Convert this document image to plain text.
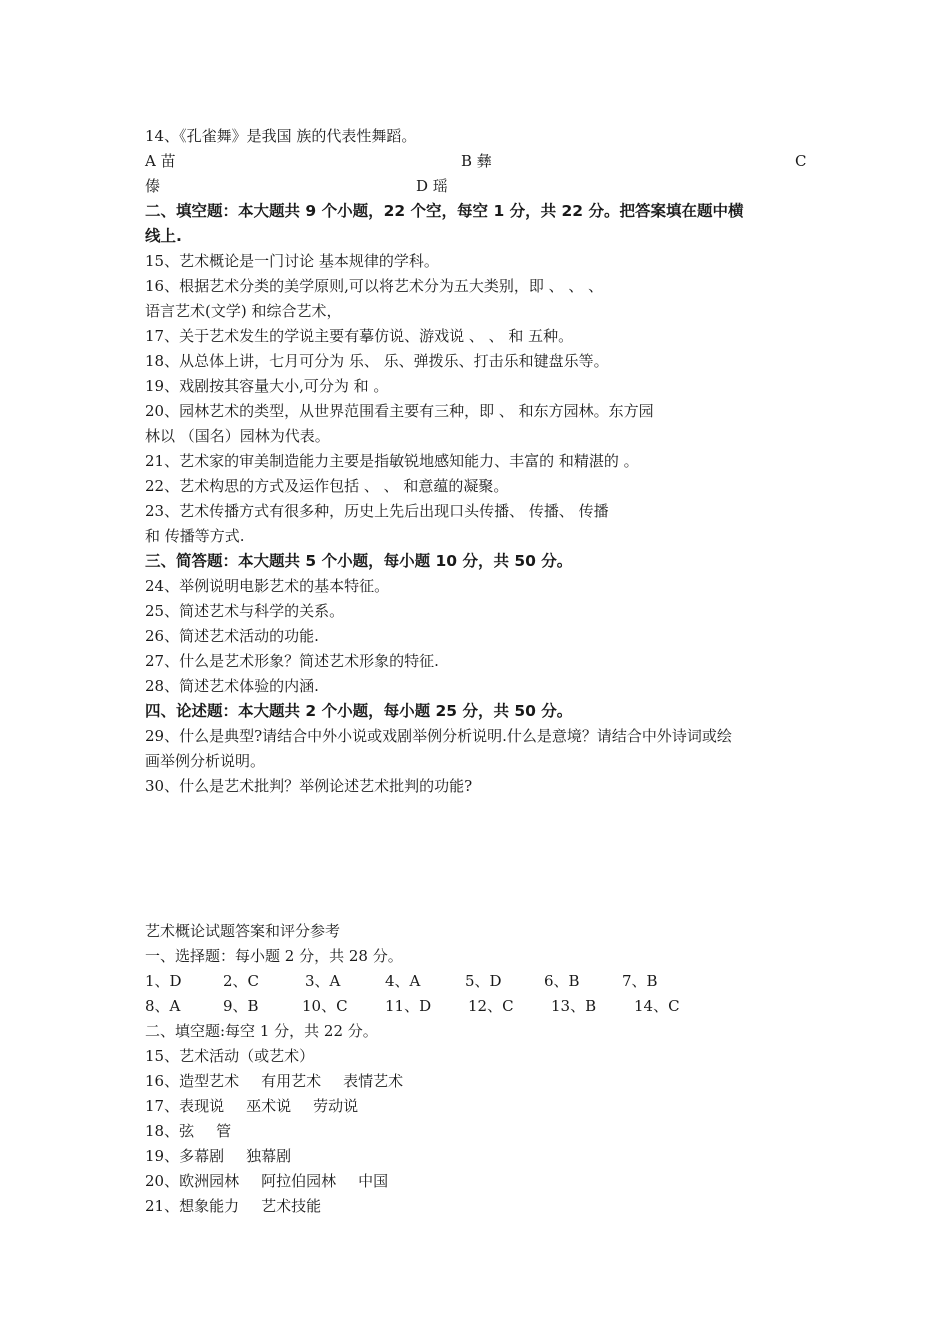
14、《孔雀舞》是我国 族的代表性舞蹈。
A 苗	B 彝	C
傣	D 瑶
二、填空题：本大题共 9 个小题，22 个空，每空 1 分，共 22 分。把答案填在题中横
线上.
15、艺术概论是一门讨论 基本规律的学科。
16、根据艺术分类的美学原则,可以将艺术分为五大类别，即 、 、 、
语言艺术(文学) 和综合艺术，
17、关于艺术发生的学说主要有摹仿说、游戏说 、 、 和 五种。
18、从总体上讲，七月可分为 乐、 乐、弹拨乐、打击乐和键盘乐等。
19、戏剧按其容量大小,可分为 和 。
20、园林艺术的类型，从世界范围看主要有三种，即 、 和东方园林。东方园
林以 （国名）园林为代表。
21、艺术家的审美制造能力主要是指敏锐地感知能力、丰富的 和精湛的 。
22、艺术构思的方式及运作包括 、 、 和意蕴的凝聚。
23、艺术传播方式有很多种，历史上先后出现口头传播、 传播、 传播
和 传播等方式.
三、简答题：本大题共 5 个小题，每小题 10 分，共 50 分。
24、举例说明电影艺术的基本特征。
25、简述艺术与科学的关系。
26、简述艺术活动的功能.
27、什么是艺术形象？简述艺术形象的特征.
28、简述艺术体验的内涵.
四、论述题：本大题共 2 个小题，每小题 25 分，共 50 分。
29、什么是典型?请结合中外小说或戏剧举例分析说明.什么是意境？请结合中外诗词或绘
画举例分析说明。
30、什么是艺术批判？举例论述艺术批判的功能?
艺术概论试题答案和评分参考
一、选择题：每小题 2 分，共 28 分。
1、D	2、C	3、A	4、A	5、D	6、B	7、B
8、A	9、B	10、C 11、D 12、C 13、B	14、C
二、填空题:每空 1 分，共 22 分。
15、艺术活动（或艺术）
16、造型艺术 有用艺术 表情艺术
17、表现说 巫术说 劳动说
18、弦 管
19、多幕剧 独幕剧
20、欧洲园林 阿拉伯园林 中国
21、想象能力 艺术技能
